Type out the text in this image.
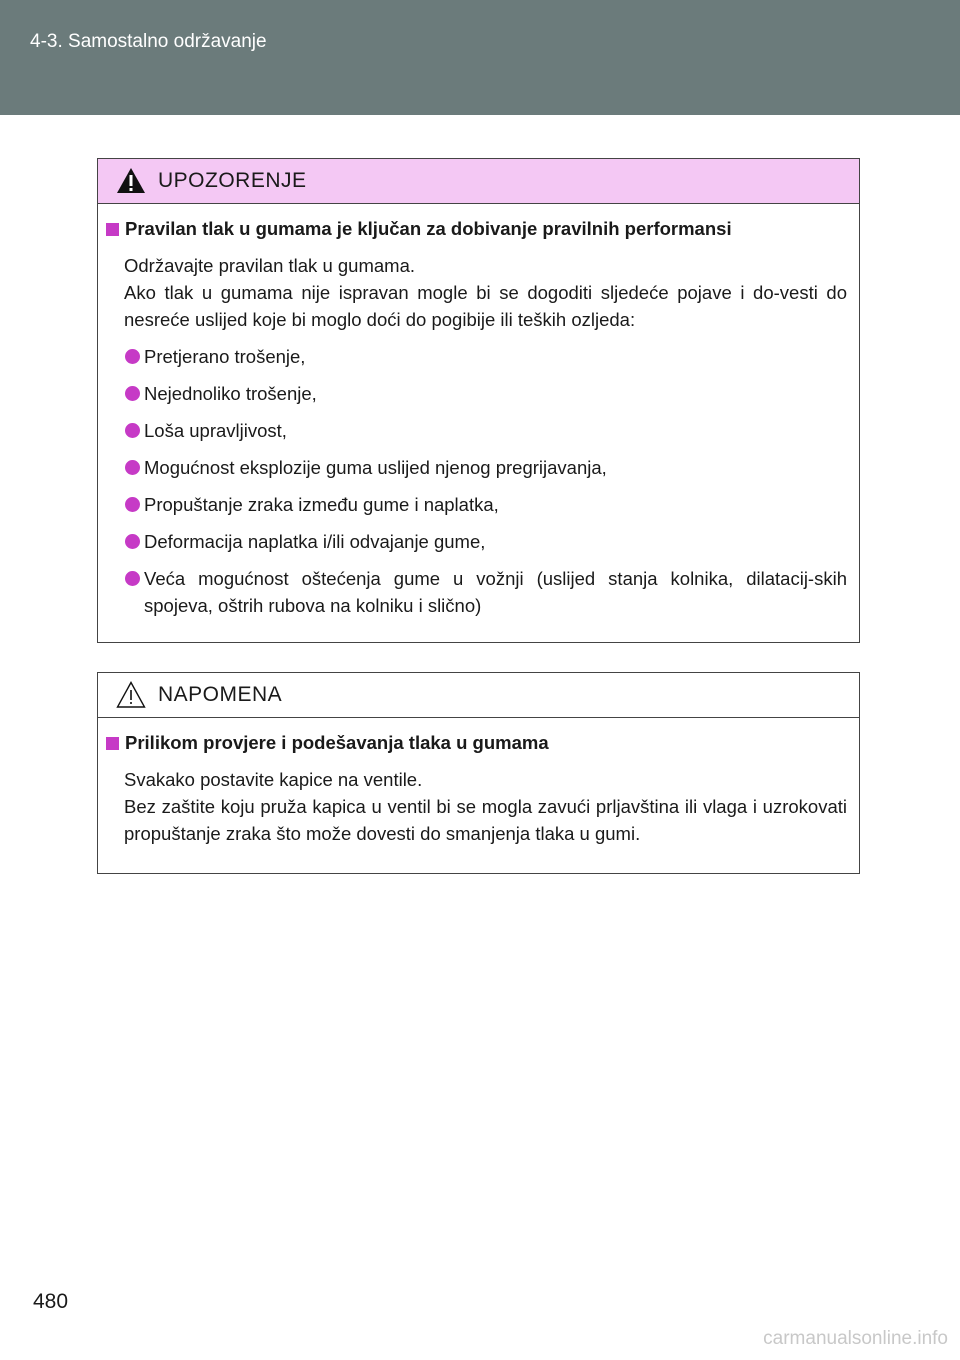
4-3. Samostalno održavanje
UPOZORENJE
Pravilan tlak u gumama je ključan za dobivanje pravilnih performansi

Održavajte pravilan tlak u gumama.

Ako tlak u gumama nije ispravan mogle bi se dogoditi sljedeće pojave i do-vesti do nesreće uslijed koje bi moglo doći do pogibije ili teških ozljeda:

Pretjerano trošenje,
Nejednoliko trošenje,
Loša upravljivost,
Mogućnost eksplozije guma uslijed njenog pregrijavanja,
Propuštanje zraka između gume i naplatka,
Deformacija naplatka i/ili odvajanje gume,
Veća mogućnost oštećenja gume u vožnji (uslijed stanja kolnika, dilatacij-skih spojeva, oštrih rubova na kolniku i slično)
NAPOMENA
Prilikom provjere i podešavanja tlaka u gumama

Svakako postavite kapice na ventile.

Bez zaštite koju pruža kapica u ventil bi se mogla zavući prljavština ili vlaga i uzrokovati propuštanje zraka što može dovesti do smanjenja tlaka u gumi.

480
carmanualsonline.info
